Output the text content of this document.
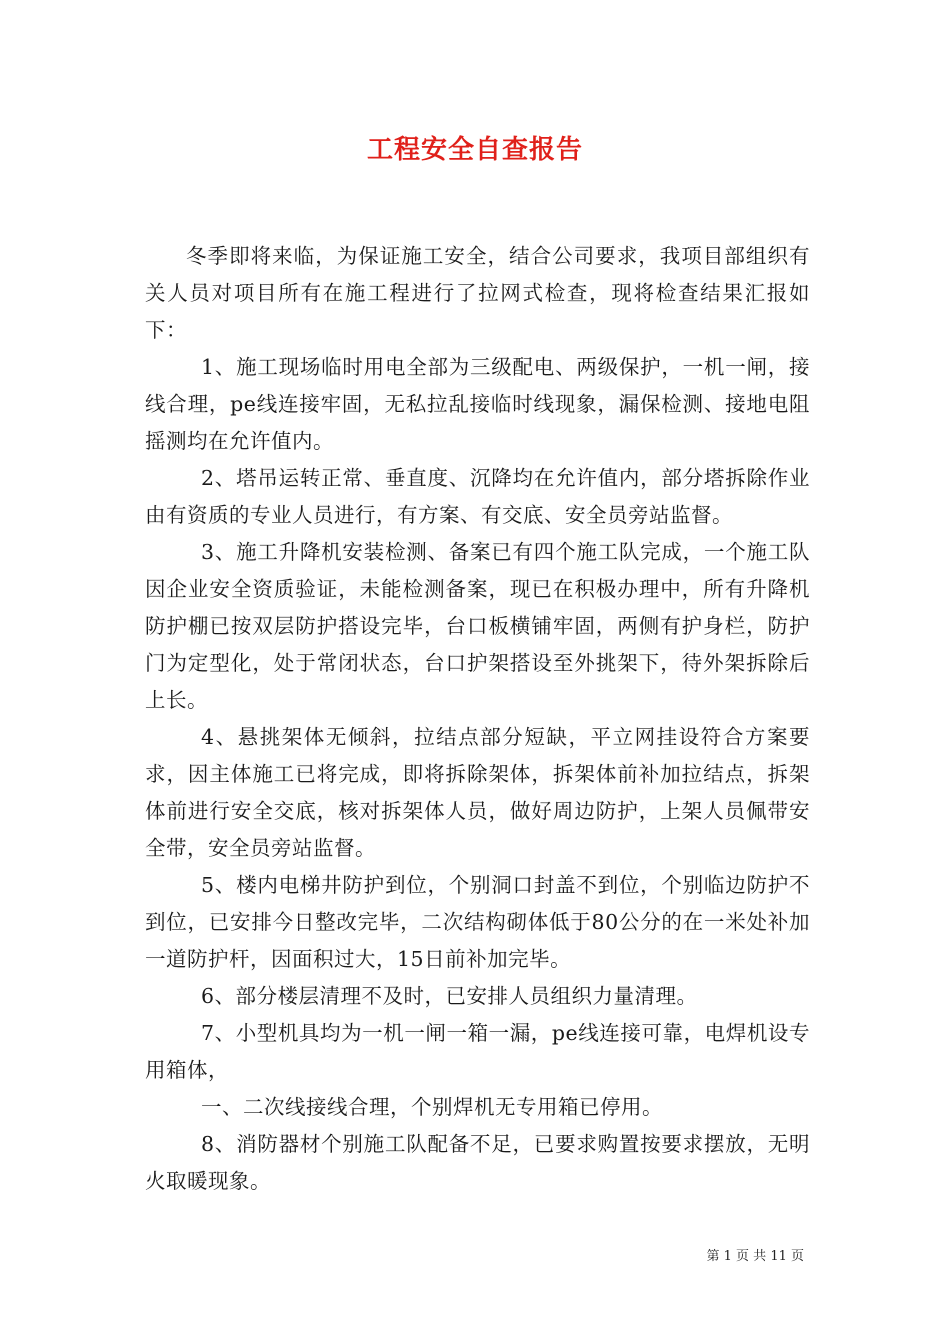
工程安全自查报告

冬季即将来临，为保证施工安全，结合公司要求，我项目部组织有关人员对项目所有在施工程进行了拉网式检查，现将检查结果汇报如下：

1、施工现场临时用电全部为三级配电、两级保护，一机一闸，接线合理，pe线连接牢固，无私拉乱接临时线现象，漏保检测、接地电阻摇测均在允许值内。

2、塔吊运转正常、垂直度、沉降均在允许值内，部分塔拆除作业由有资质的专业人员进行，有方案、有交底、安全员旁站监督。

3、施工升降机安装检测、备案已有四个施工队完成，一个施工队因企业安全资质验证，未能检测备案，现已在积极办理中，所有升降机防护棚已按双层防护搭设完毕，台口板横铺牢固，两侧有护身栏，防护门为定型化，处于常闭状态，台口护架搭设至外挑架下，待外架拆除后上长。

4、悬挑架体无倾斜，拉结点部分短缺，平立网挂设符合方案要求，因主体施工已将完成，即将拆除架体，拆架体前补加拉结点，拆架体前进行安全交底，核对拆架体人员，做好周边防护，上架人员佩带安全带，安全员旁站监督。

5、楼内电梯井防护到位，个别洞口封盖不到位，个别临边防护不到位，已安排今日整改完毕，二次结构砌体低于80公分的在一米处补加一道防护杆，因面积过大，15日前补加完毕。

6、部分楼层清理不及时，已安排人员组织力量清理。

7、小型机具均为一机一闸一箱一漏，pe线连接可靠，电焊机设专用箱体，

一、二次线接线合理，个别焊机无专用箱已停用。

8、消防器材个别施工队配备不足，已要求购置按要求摆放，无明火取暖现象。

第 1 页 共 11 页
